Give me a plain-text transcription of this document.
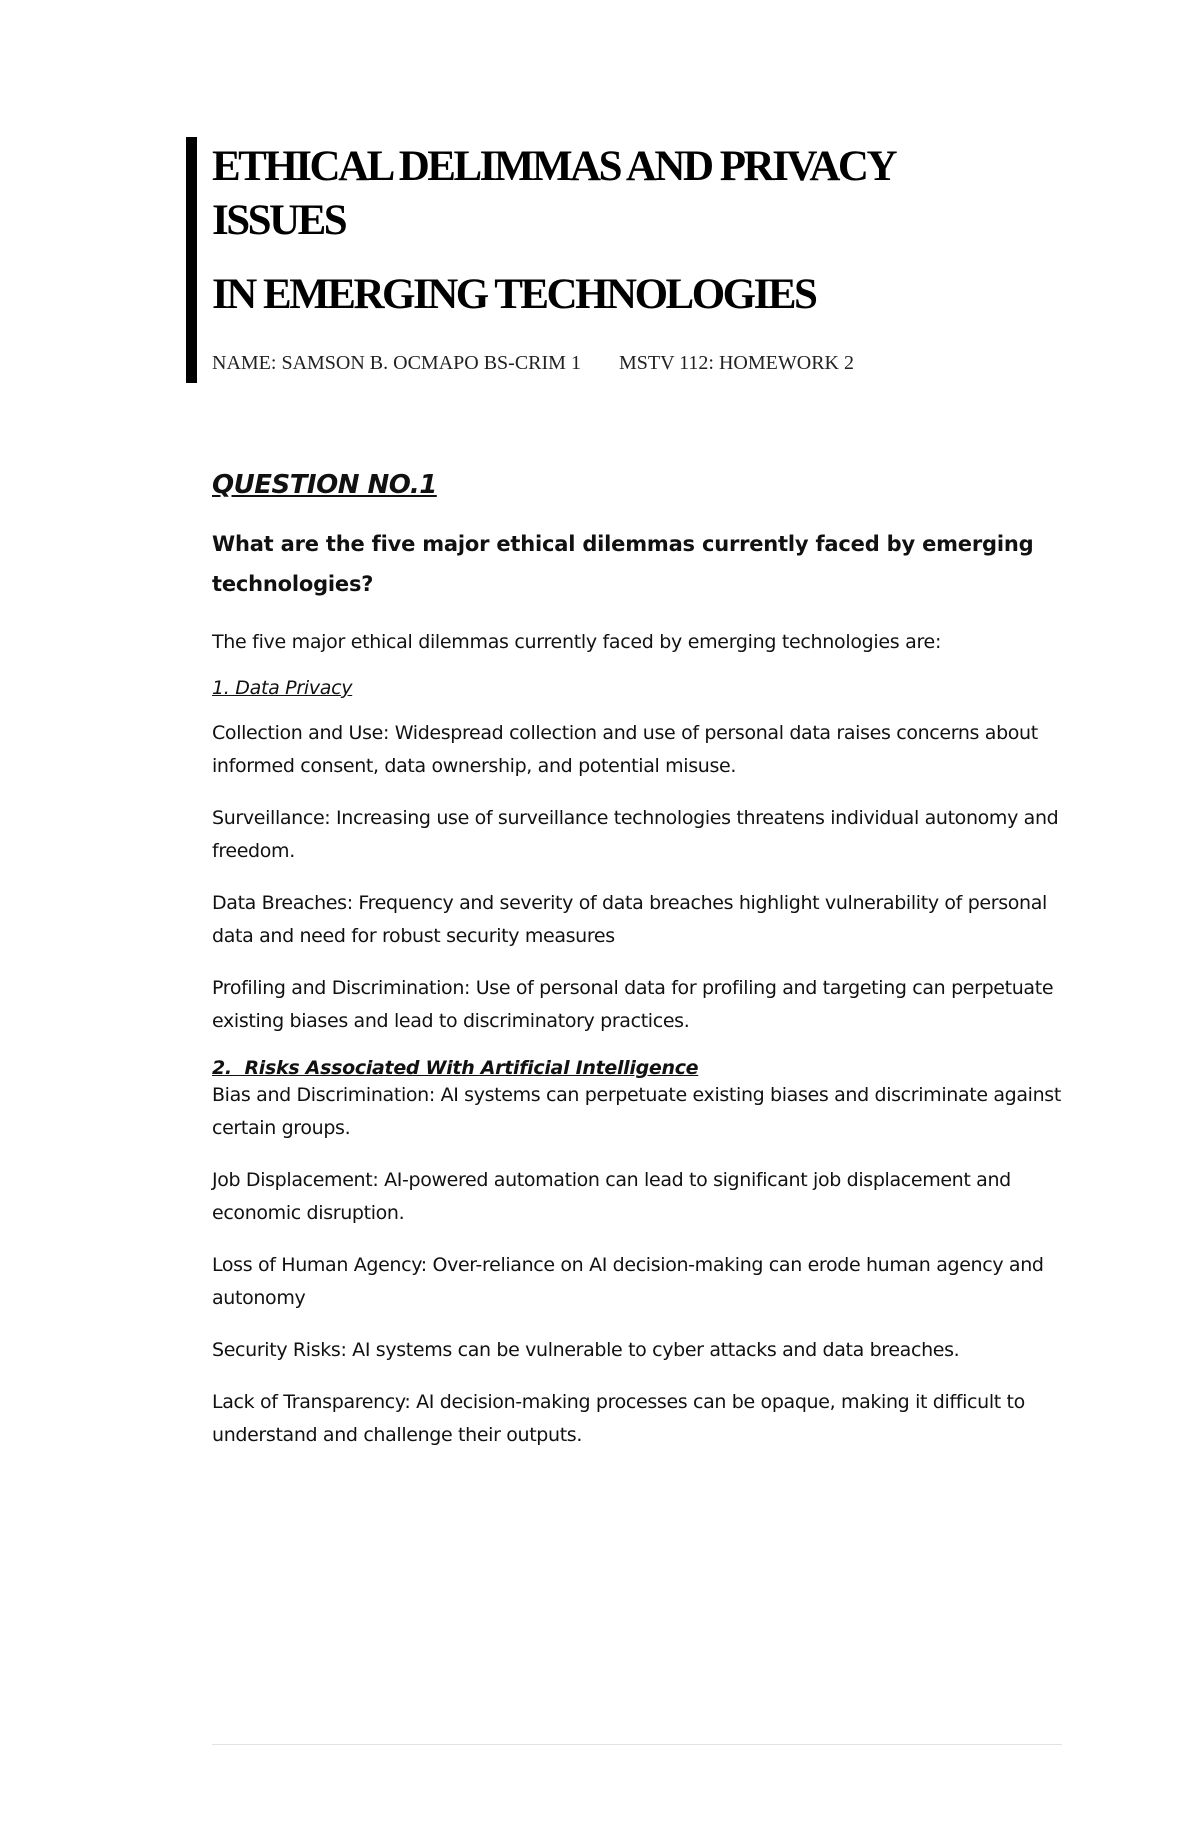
ETHICAL DELIMMAS AND PRIVACY ISSUES
IN EMERGING TECHNOLOGIES
NAME: SAMSON B. OCMAPO BS-CRIM 1 MSTV 112: HOMEWORK 2
QUESTION NO.1

What are the five major ethical dilemmas currently faced by emerging technologies?

The five major ethical dilemmas currently faced by emerging technologies are:

1. Data Privacy

Collection and Use: Widespread collection and use of personal data raises concerns about informed consent, data ownership, and potential misuse.

Surveillance: Increasing use of surveillance technologies threatens individual autonomy and freedom.

Data Breaches: Frequency and severity of data breaches highlight vulnerability of personal data and need for robust security measures

Profiling and Discrimination: Use of personal data for profiling and targeting can perpetuate existing biases and lead to discriminatory practices.

2.  Risks Associated With Artificial Intelligence

Bias and Discrimination: AI systems can perpetuate existing biases and discriminate against certain groups.

Job Displacement: AI-powered automation can lead to significant job displacement and economic disruption.

Loss of Human Agency: Over-reliance on AI decision-making can erode human agency and autonomy

Security Risks: AI systems can be vulnerable to cyber attacks and data breaches.

Lack of Transparency: AI decision-making processes can be opaque, making it difficult to understand and challenge their outputs.
